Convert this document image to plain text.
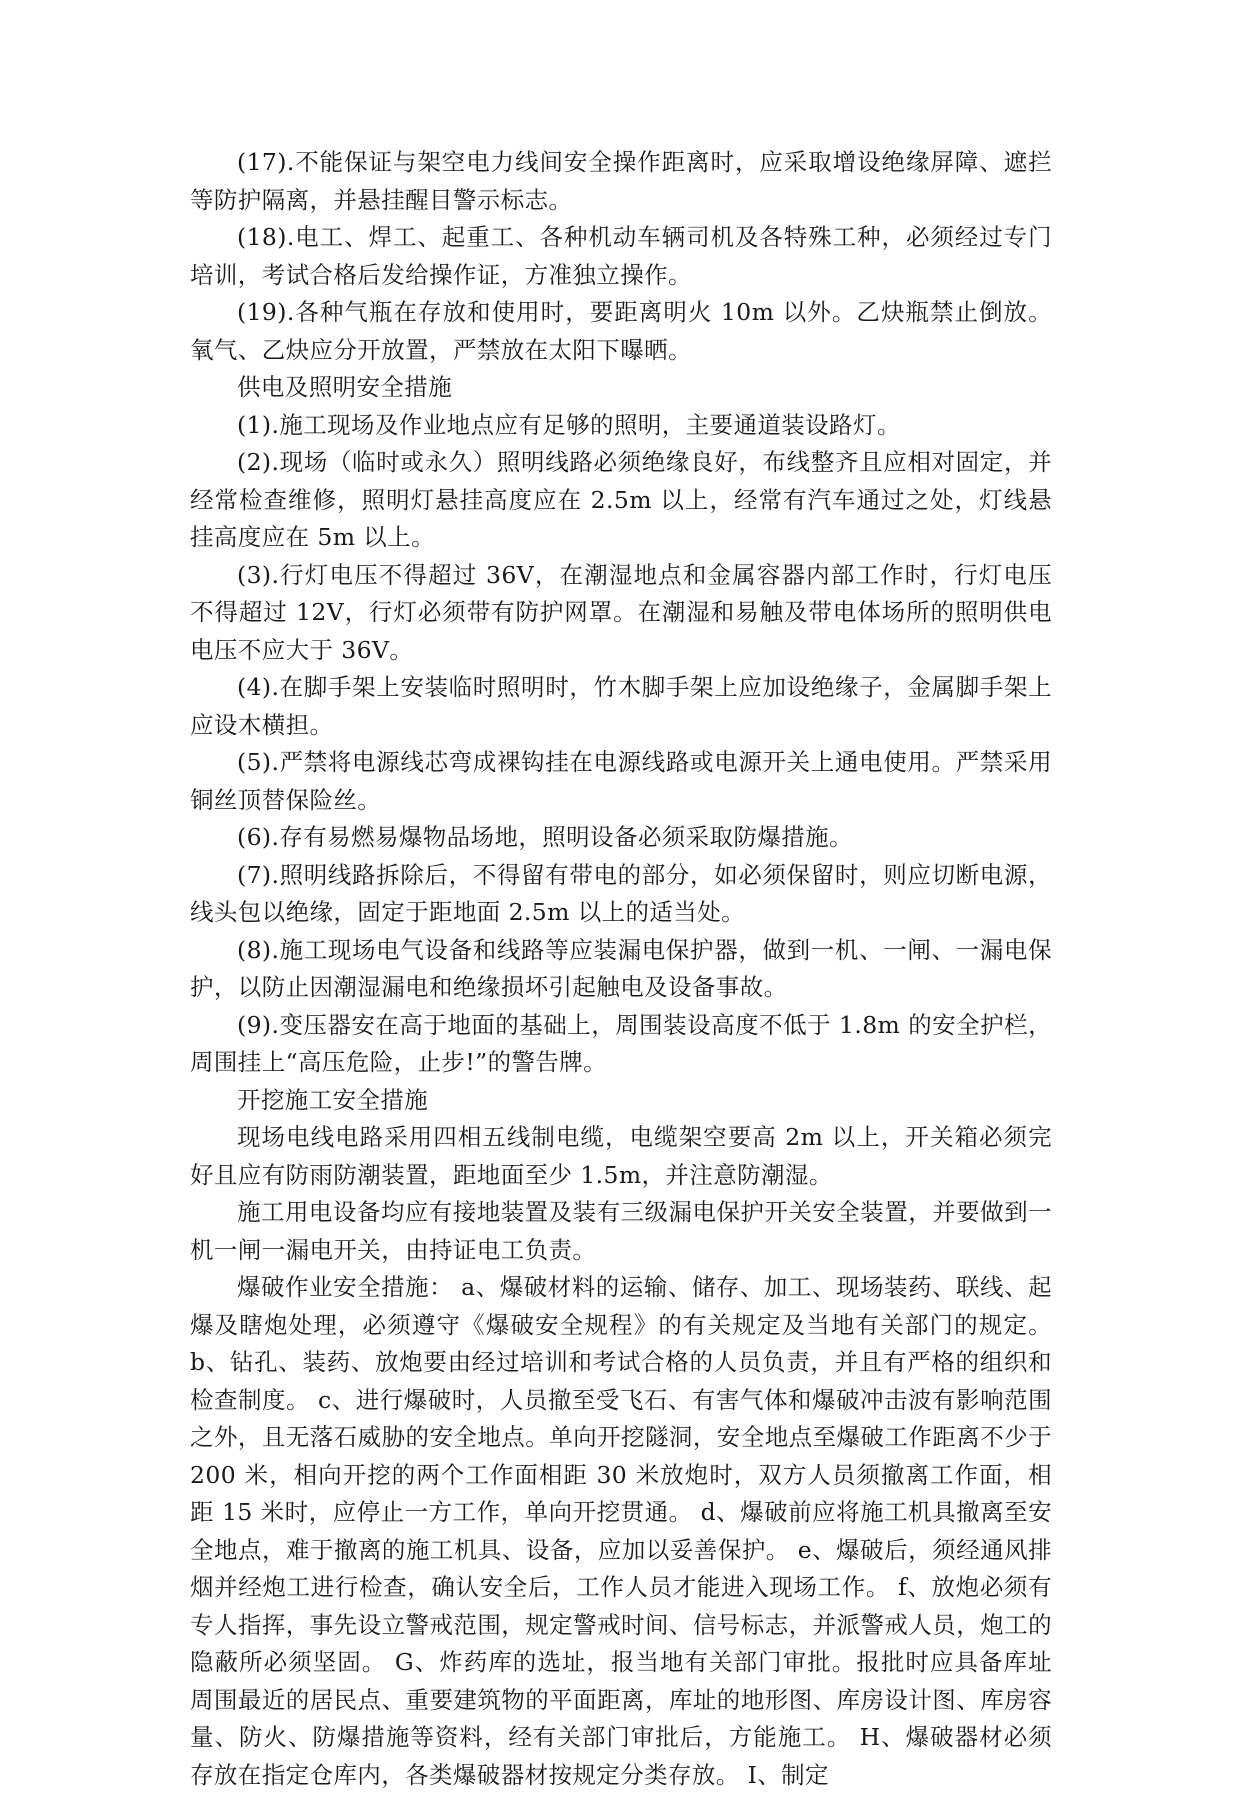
(17).不能保证与架空电力线间安全操作距离时，应采取增设绝缘屏障、遮拦等防护隔离，并悬挂醒目警示标志。

(18).电工、焊工、起重工、各种机动车辆司机及各特殊工种，必须经过专门培训，考试合格后发给操作证，方准独立操作。

(19).各种气瓶在存放和使用时，要距离明火 10m 以外。乙炔瓶禁止倒放。氧气、乙炔应分开放置，严禁放在太阳下曝晒。

供电及照明安全措施

(1).施工现场及作业地点应有足够的照明，主要通道装设路灯。

(2).现场（临时或永久）照明线路必须绝缘良好，布线整齐且应相对固定，并经常检查维修，照明灯悬挂高度应在 2.5m 以上，经常有汽车通过之处，灯线悬挂高度应在 5m 以上。

(3).行灯电压不得超过 36V，在潮湿地点和金属容器内部工作时，行灯电压不得超过 12V，行灯必须带有防护网罩。在潮湿和易触及带电体场所的照明供电电压不应大于 36V。

(4).在脚手架上安装临时照明时，竹木脚手架上应加设绝缘子，金属脚手架上应设木横担。

(5).严禁将电源线芯弯成裸钩挂在电源线路或电源开关上通电使用。严禁采用铜丝顶替保险丝。

(6).存有易燃易爆物品场地，照明设备必须采取防爆措施。

(7).照明线路拆除后，不得留有带电的部分，如必须保留时，则应切断电源，线头包以绝缘，固定于距地面 2.5m 以上的适当处。

(8).施工现场电气设备和线路等应装漏电保护器，做到一机、一闸、一漏电保护，以防止因潮湿漏电和绝缘损坏引起触电及设备事故。

(9).变压器安在高于地面的基础上，周围装设高度不低于 1.8m 的安全护栏，周围挂上“高压危险，止步!”的警告牌。

开挖施工安全措施

现场电线电路采用四相五线制电缆，电缆架空要高 2m 以上，开关箱必须完好且应有防雨防潮装置，距地面至少 1.5m，并注意防潮湿。

施工用电设备均应有接地装置及装有三级漏电保护开关安全装置，并要做到一机一闸一漏电开关，由持证电工负责。

爆破作业安全措施： a、爆破材料的运输、储存、加工、现场装药、联线、起爆及瞎炮处理，必须遵守《爆破安全规程》的有关规定及当地有关部门的规定。 b、钻孔、装药、放炮要由经过培训和考试合格的人员负责，并且有严格的组织和检查制度。 c、进行爆破时，人员撤至受飞石、有害气体和爆破冲击波有影响范围之外，且无落石威胁的安全地点。单向开挖隧洞，安全地点至爆破工作距离不少于 200 米，相向开挖的两个工作面相距 30 米放炮时，双方人员须撤离工作面，相距 15 米时，应停止一方工作，单向开挖贯通。 d、爆破前应将施工机具撤离至安全地点，难于撤离的施工机具、设备，应加以妥善保护。 e、爆破后，须经通风排烟并经炮工进行检查，确认安全后，工作人员才能进入现场工作。 f、放炮必须有专人指挥，事先设立警戒范围，规定警戒时间、信号标志，并派警戒人员，炮工的隐蔽所必须坚固。 G、炸药库的选址，报当地有关部门审批。报批时应具备库址周围最近的居民点、重要建筑物的平面距离，库址的地形图、库房设计图、库房容量、防火、防爆措施等资料，经有关部门审批后，方能施工。 H、爆破器材必须存放在指定仓库内，各类爆破器材按规定分类存放。 I、制定
